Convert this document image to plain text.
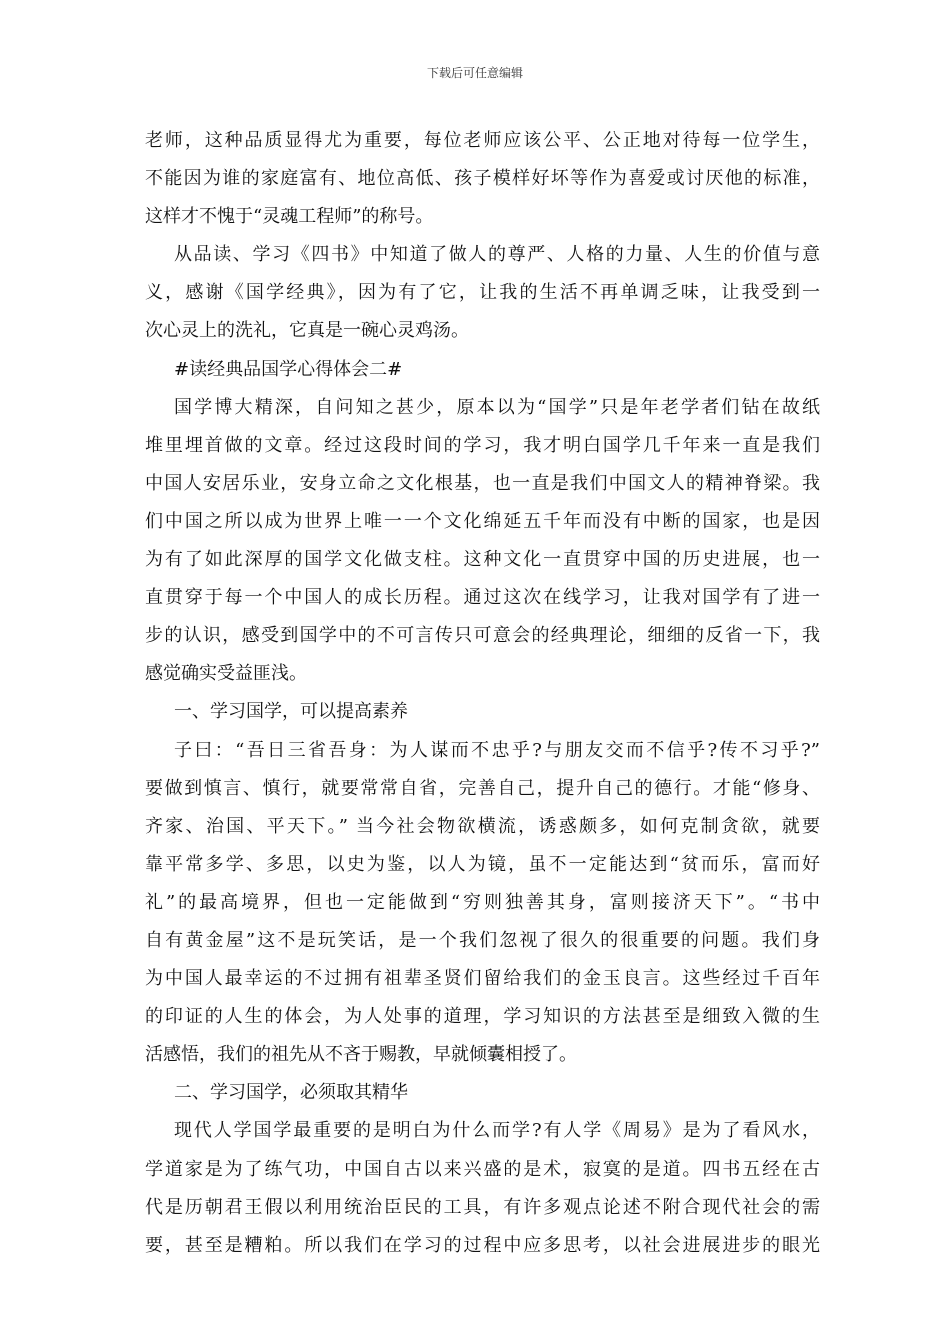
下载后可任意编辑
老师，这种品质显得尤为重要，每位老师应该公平、公正地对待每一位学生，
不能因为谁的家庭富有、地位高低、孩子模样好坏等作为喜爱或讨厌他的标准，
这样才不愧于“灵魂工程师”的称号。
从品读、学习《四书》中知道了做人的尊严、人格的力量、人生的价值与意
义，感谢《国学经典》，因为有了它，让我的生活不再单调乏味，让我受到一
次心灵上的洗礼，它真是一碗心灵鸡汤。
#读经典品国学心得体会二#
国学博大精深，自问知之甚少，原本以为“国学”只是年老学者们钻在故纸
堆里埋首做的文章。经过这段时间的学习，我才明白国学几千年来一直是我们
中国人安居乐业，安身立命之文化根基，也一直是我们中国文人的精神脊梁。我
们中国之所以成为世界上唯一一个文化绵延五千年而没有中断的国家，也是因
为有了如此深厚的国学文化做支柱。这种文化一直贯穿中国的历史进展，也一
直贯穿于每一个中国人的成长历程。通过这次在线学习，让我对国学有了进一
步的认识，感受到国学中的不可言传只可意会的经典理论，细细的反省一下，我
感觉确实受益匪浅。
一、学习国学，可以提高素养
子曰：“吾日三省吾身：为人谋而不忠乎?与朋友交而不信乎?传不习乎?”
要做到慎言、慎行，就要常常自省，完善自己，提升自己的德行。才能“修身、
齐家、治国、平天下。” 当今社会物欲横流，诱惑颇多，如何克制贪欲，就要
靠平常多学、多思，以史为鉴，以人为镜，虽不一定能达到“贫而乐，富而好
礼”的最高境界，但也一定能做到“穷则独善其身，富则接济天下”。“书中
自有黄金屋”这不是玩笑话，是一个我们忽视了很久的很重要的问题。我们身
为中国人最幸运的不过拥有祖辈圣贤们留给我们的金玉良言。这些经过千百年
的印证的人生的体会，为人处事的道理，学习知识的方法甚至是细致入微的生
活感悟，我们的祖先从不吝于赐教，早就倾囊相授了。
二、学习国学，必须取其精华
现代人学国学最重要的是明白为什么而学?有人学《周易》是为了看风水，
学道家是为了练气功，中国自古以来兴盛的是术，寂寞的是道。四书五经在古
代是历朝君王假以利用统治臣民的工具，有许多观点论述不附合现代社会的需
要，甚至是糟粕。所以我们在学习的过程中应多思考，以社会进展进步的眼光
